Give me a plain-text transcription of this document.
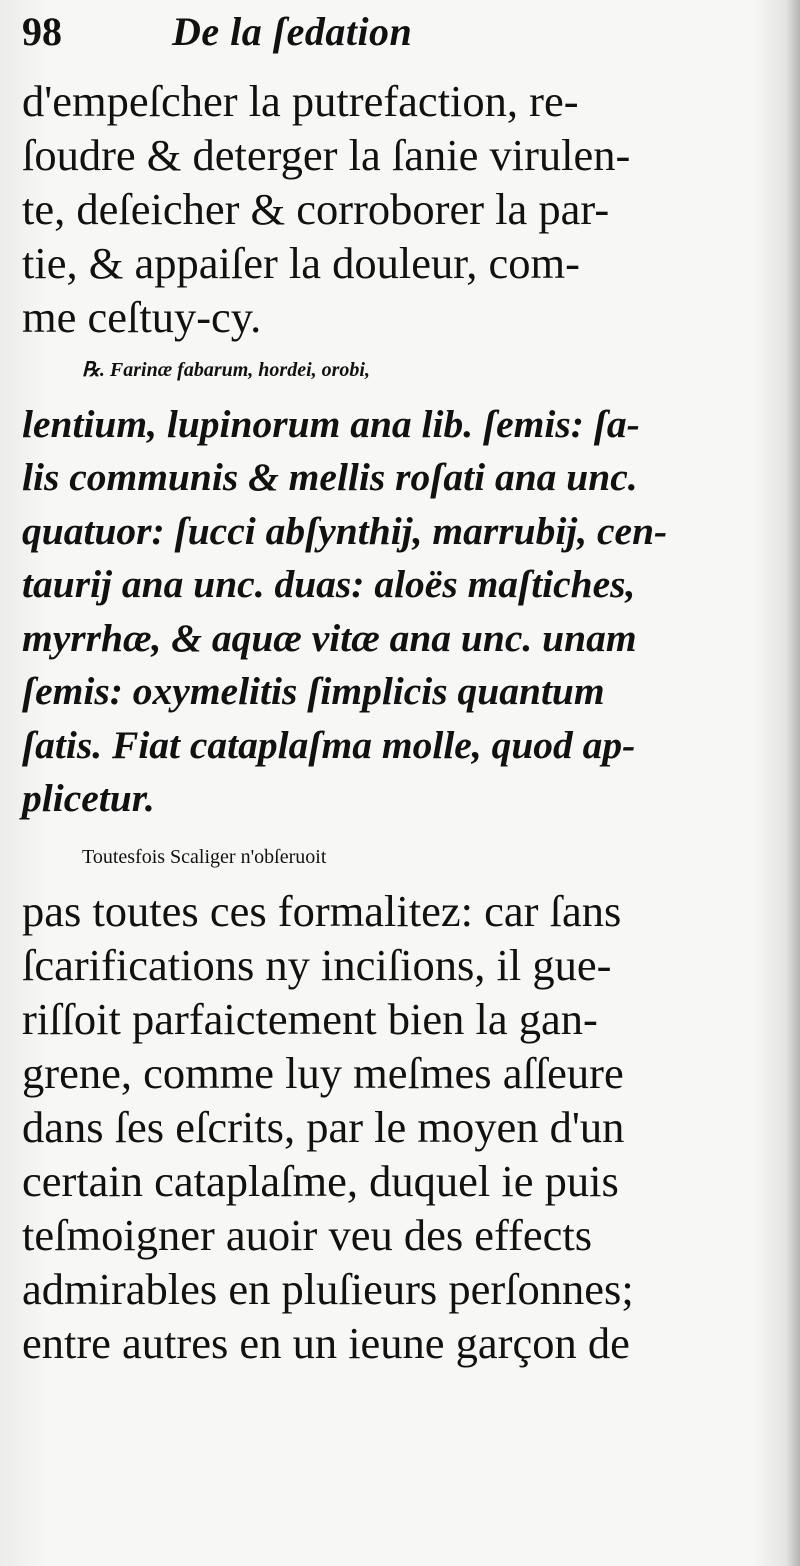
98	De la ſedation

d'empeſcher la putrefaction, re-
ſoudre & deterger la ſanie virulen-
te, deſeicher & corroborer la par-
tie, & appaiſer la douleur, com-
me ceſtuy-cy.

℞. Farinæ fabarum, hordei, orobi,
lentium, lupinorum ana lib. ſemis: ſa-
lis communis & mellis roſati ana unc.
quatuor: ſucci abſynthij, marrubij, cen-
taurij ana unc. duas: aloës maſtiches,
myrrhæ, & aquæ vitæ ana unc. unam
ſemis: oxymelitis ſimplicis quantum
ſatis. Fiat cataplaſma molle, quod ap-
plicetur.

Toutesfois Scaliger n'obſeruoit
pas toutes ces formalitez: car ſans
ſcarifications ny inciſions, il gue-
riſſoit parfaictement bien la gan-
grene, comme luy meſmes aſſeure
dans ſes eſcrits, par le moyen d'un
certain cataplaſme, duquel ie puis
teſmoigner auoir veu des effects
admirables en pluſieurs perſonnes;
entre autres en un ieune garçon de
